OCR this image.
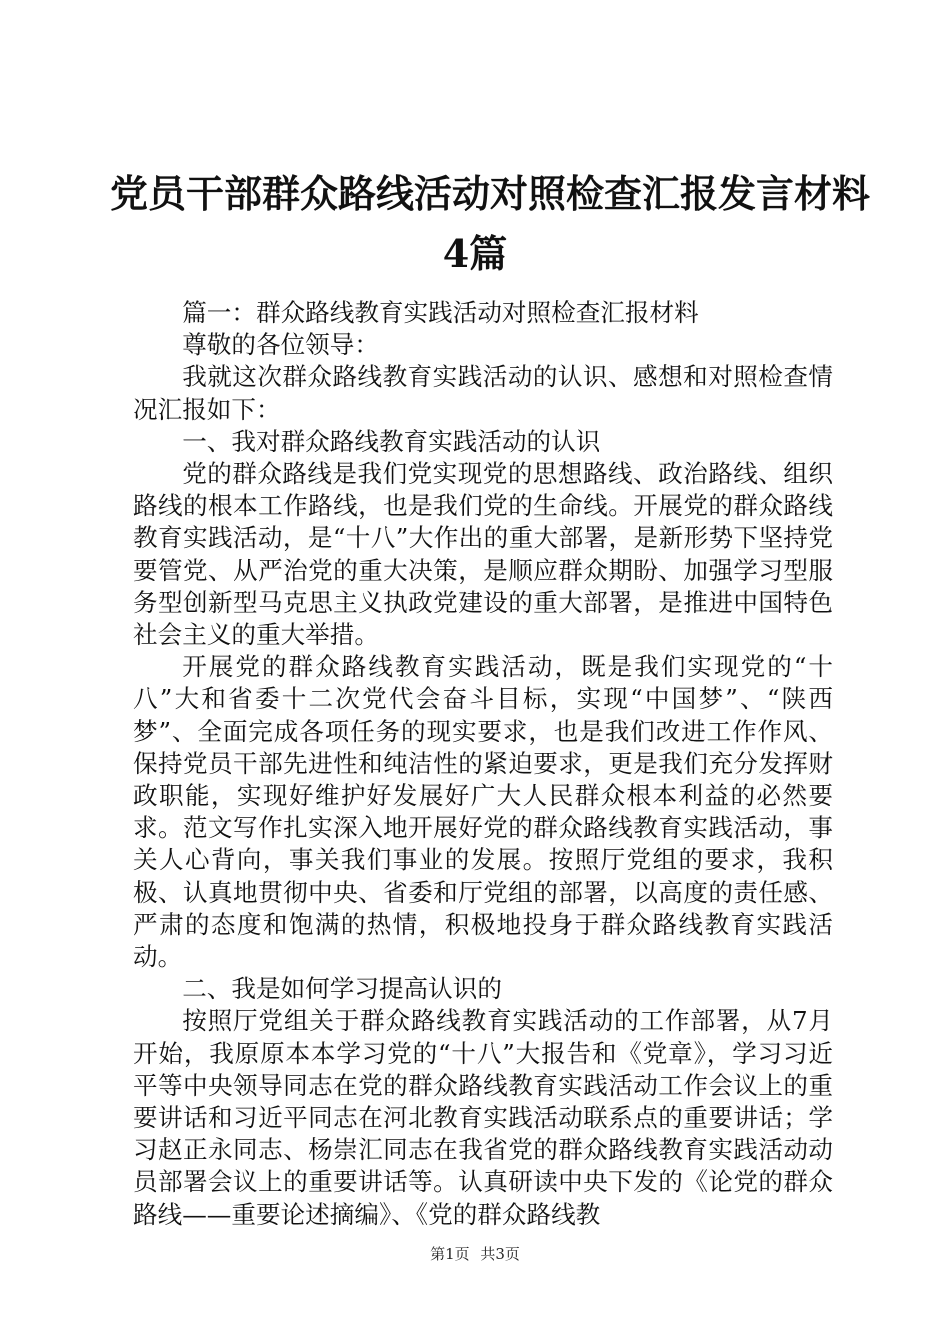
党员干部群众路线活动对照检查汇报发言材料
4篇

篇一：群众路线教育实践活动对照检查汇报材料

尊敬的各位领导：

我就这次群众路线教育实践活动的认识、感想和对照检查情况汇报如下：

一、我对群众路线教育实践活动的认识

党的群众路线是我们党实现党的思想路线、政治路线、组织路线的根本工作路线，也是我们党的生命线。开展党的群众路线教育实践活动，是“十八”大作出的重大部署，是新形势下坚持党要管党、从严治党的重大决策，是顺应群众期盼、加强学习型服务型创新型马克思主义执政党建设的重大部署，是推进中国特色社会主义的重大举措。

开展党的群众路线教育实践活动，既是我们实现党的“十八”大和省委十二次党代会奋斗目标，实现“中国梦”、“陕西梦”、全面完成各项任务的现实要求，也是我们改进工作作风、保持党员干部先进性和纯洁性的紧迫要求，更是我们充分发挥财政职能，实现好维护好发展好广大人民群众根本利益的必然要求。范文写作扎实深入地开展好党的群众路线教育实践活动，事关人心背向，事关我们事业的发展。按照厅党组的要求，我积极、认真地贯彻中央、省委和厅党组的部署，以高度的责任感、严肃的态度和饱满的热情，积极地投身于群众路线教育实践活动。

二、我是如何学习提高认识的

按照厅党组关于群众路线教育实践活动的工作部署，从7月开始，我原原本本学习党的“十八”大报告和《党章》，学习习近平等中央领导同志在党的群众路线教育实践活动工作会议上的重要讲话和习近平同志在河北教育实践活动联系点的重要讲话；学习赵正永同志、杨崇汇同志在我省党的群众路线教育实践活动动员部署会议上的重要讲话等。认真研读中央下发的《论党的群众路线——重要论述摘编》、《党的群众路线教

第1页 共3页
